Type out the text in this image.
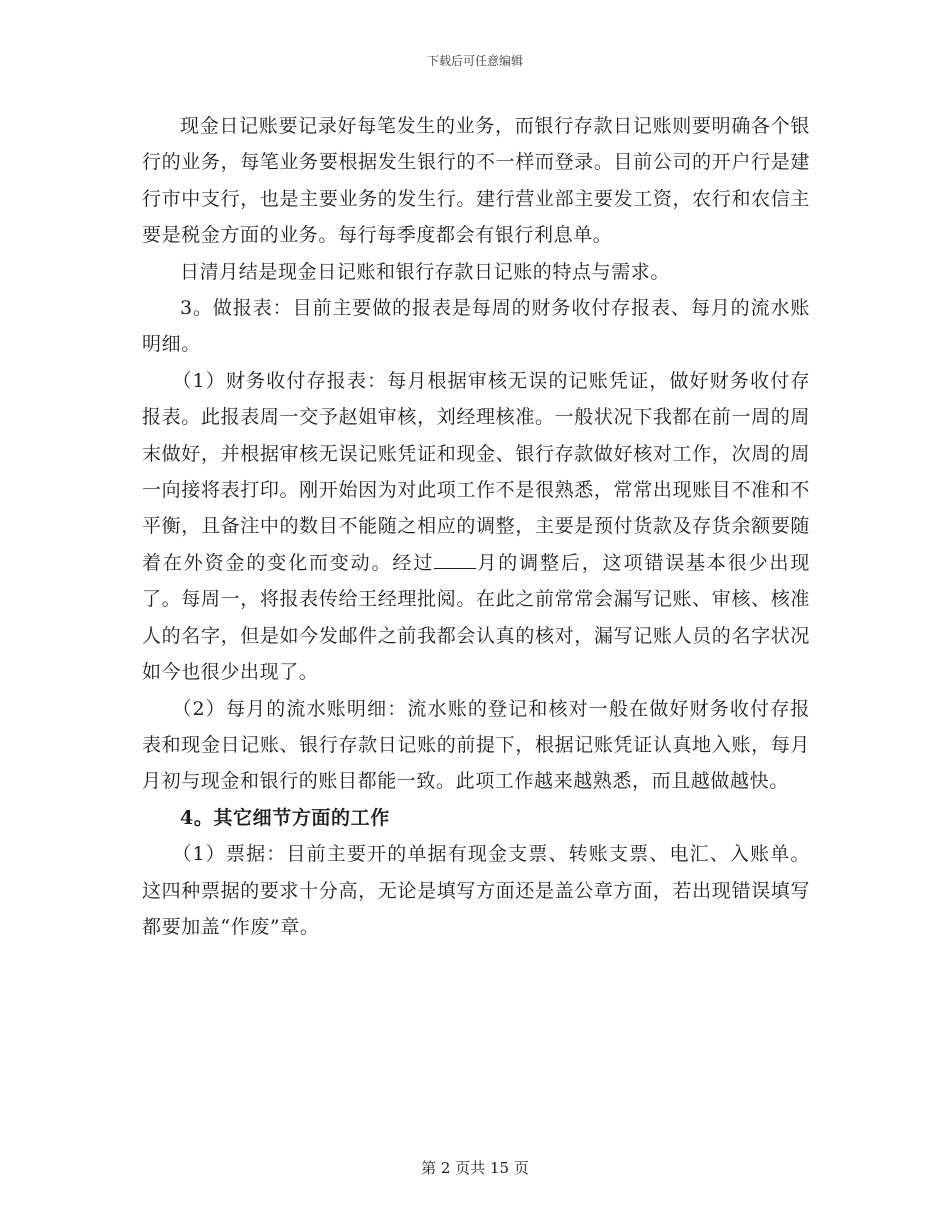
下载后可任意编辑

现金日记账要记录好每笔发生的业务，而银行存款日记账则要明确各个银行的业务，每笔业务要根据发生银行的不一样而登录。目前公司的开户行是建行市中支行，也是主要业务的发生行。建行营业部主要发工资，农行和农信主要是税金方面的业务。每行每季度都会有银行利息单。

日清月结是现金日记账和银行存款日记账的特点与需求。

3。做报表：目前主要做的报表是每周的财务收付存报表、每月的流水账明细。

（1）财务收付存报表：每月根据审核无误的记账凭证，做好财务收付存报表。此报表周一交予赵姐审核，刘经理核准。一般状况下我都在前一周的周末做好，并根据审核无误记账凭证和现金、银行存款做好核对工作，次周的周一向接将表打印。刚开始因为对此项工作不是很熟悉，常常出现账目不准和不平衡，且备注中的数目不能随之相应的调整，主要是预付货款及存货余额要随着在外资金的变化而变动。经过 月的调整后，这项错误基本很少出现了。每周一，将报表传给王经理批阅。在此之前常常会漏写记账、审核、核准人的名字，但是如今发邮件之前我都会认真的核对，漏写记账人员的名字状况如今也很少出现了。

（2）每月的流水账明细：流水账的登记和核对一般在做好财务收付存报表和现金日记账、银行存款日记账的前提下，根据记账凭证认真地入账，每月月初与现金和银行的账目都能一致。此项工作越来越熟悉，而且越做越快。

4。其它细节方面的工作

（1）票据：目前主要开的单据有现金支票、转账支票、电汇、入账单。这四种票据的要求十分高，无论是填写方面还是盖公章方面，若出现错误填写都要加盖“作废”章。

第 2 页共 15 页
